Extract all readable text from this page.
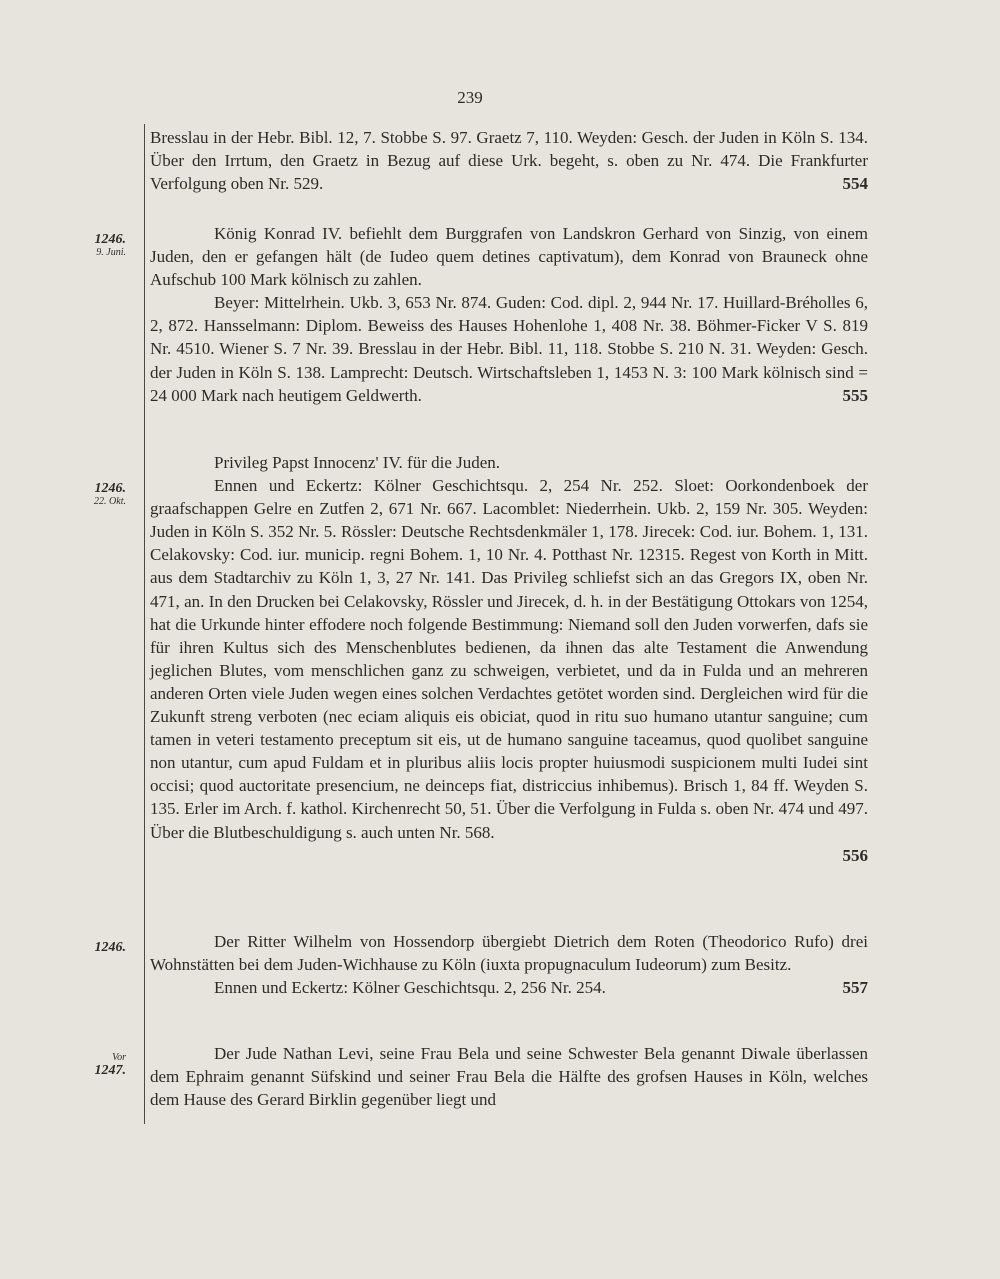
239
1246.
9. Juni.
1246.
22. Okt.
1246.
Vor
1247.

Bresslau in der Hebr. Bibl. 12, 7. Stobbe S. 97. Graetz 7, 110. Weyden: Gesch. der Juden in Köln S. 134. Über den Irrtum, den Graetz in Bezug auf diese Urk. begeht, s. oben zu Nr. 474. Die Frankfurter Verfolgung oben Nr. 529.	554

König Konrad IV. befiehlt dem Burggrafen von Landskron Gerhard von Sinzig, von einem Juden, den er gefangen hält (de Iudeo quem detines captivatum), dem Konrad von Brauneck ohne Aufschub 100 Mark kölnisch zu zahlen.

Beyer: Mittelrhein. Ukb. 3, 653 Nr. 874. Guden: Cod. dipl. 2, 944 Nr. 17. Huillard-Bréholles 6, 2, 872. Hansselmann: Diplom. Beweiss des Hauses Hohenlohe 1, 408 Nr. 38. Böhmer-Ficker V S. 819 Nr. 4510. Wiener S. 7 Nr. 39. Bresslau in der Hebr. Bibl. 11, 118. Stobbe S. 210 N. 31. Weyden: Gesch. der Juden in Köln S. 138. Lamprecht: Deutsch. Wirtschaftsleben 1, 1453 N. 3: 100 Mark kölnisch sind = 24 000 Mark nach heutigem Geldwerth.	555

Privileg Papst Innocenz' IV. für die Juden.

Ennen und Eckertz: Kölner Geschichtsqu. 2, 254 Nr. 252. Sloet: Oorkondenboek der graafschappen Gelre en Zutfen 2, 671 Nr. 667. Lacomblet: Niederrhein. Ukb. 2, 159 Nr. 305. Weyden: Juden in Köln S. 352 Nr. 5. Rössler: Deutsche Rechtsdenkmäler 1, 178. Jirecek: Cod. iur. Bohem. 1, 131. Celakovsky: Cod. iur. municip. regni Bohem. 1, 10 Nr. 4. Potthast Nr. 12315. Regest von Korth in Mitt. aus dem Stadtarchiv zu Köln 1, 3, 27 Nr. 141. Das Privileg schliefst sich an das Gregors IX, oben Nr. 471, an. In den Drucken bei Celakovsky, Rössler und Jirecek, d. h. in der Bestätigung Ottokars von 1254, hat die Urkunde hinter effodere noch folgende Bestimmung: Niemand soll den Juden vorwerfen, dafs sie für ihren Kultus sich des Menschenblutes bedienen, da ihnen das alte Testament die Anwendung jeglichen Blutes, vom menschlichen ganz zu schweigen, verbietet, und da in Fulda und an mehreren anderen Orten viele Juden wegen eines solchen Verdachtes getötet worden sind. Dergleichen wird für die Zukunft streng verboten (nec eciam aliquis eis obiciat, quod in ritu suo humano utantur sanguine; cum tamen in veteri testamento preceptum sit eis, ut de humano sanguine taceamus, quod quolibet sanguine non utantur, cum apud Fuldam et in pluribus aliis locis propter huiusmodi suspicionem multi Iudei sint occisi; quod auctoritate presencium, ne deinceps fiat, districcius inhibemus). Brisch 1, 84 ff. Weyden S. 135. Erler im Arch. f. kathol. Kirchenrecht 50, 51. Über die Verfolgung in Fulda s. oben Nr. 474 und 497. Über die Blutbeschuldigung s. auch unten Nr. 568.

556

Der Ritter Wilhelm von Hossendorp übergiebt Dietrich dem Roten (Theodorico Rufo) drei Wohnstätten bei dem Juden-Wichhause zu Köln (iuxta propugnaculum Iudeorum) zum Besitz.

Ennen und Eckertz: Kölner Geschichtsqu. 2, 256 Nr. 254.	557

Der Jude Nathan Levi, seine Frau Bela und seine Schwester Bela genannt Diwale überlassen dem Ephraim genannt Süfskind und seiner Frau Bela die Hälfte des grofsen Hauses in Köln, welches dem Hause des Gerard Birklin gegenüber liegt und
